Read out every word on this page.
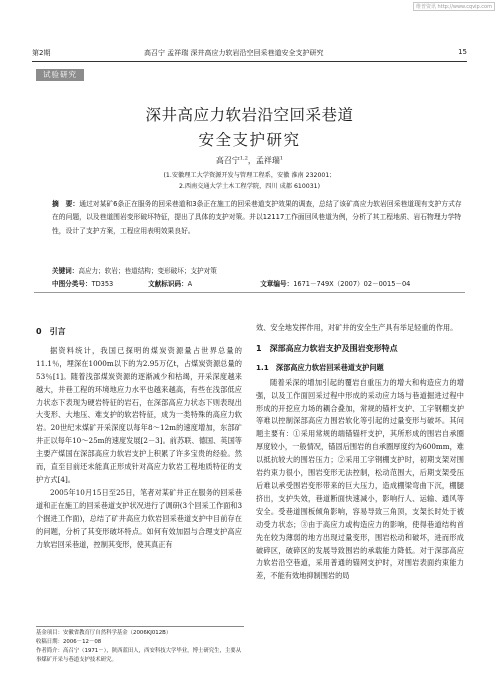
维普资讯 http://www.cqvip.com
第2期	高召宁 孟祥瑞 深井高应力软岩沿空回采巷道安全支护研究	15
试验研究
深井高应力软岩沿空回采巷道
安全支护研究
高召宁$^{1,2}$，孟祥瑞$^1$
(1.安徽理工大学资源开发与管理工程系，安徽 淮南 232001；
2.西南交通大学土木工程学院，四川 成都 610031)
摘　要：通过对某矿6条正在服务的回采巷道和3条正在施工的回采巷道支护效果的调查，总结了该矿高应力软岩回采巷道现有支护方式存在的问题，以及巷道围岩变形破坏特征，提出了具体的支护对策。并以12117工作面回风巷道为例，分析了其工程地质、岩石物理力学特性，设计了支护方案，工程应用表明效果良好。
关键词：高应力；软岩；巷道结构；变形破坏；支护对策
中图分类号：TD353	文献标识码：A	文章编号：1671－749X（2007）02－0015－04
0　引言

据资料统计，我国已探明的煤炭资源量占世界总量的11.1％，埋深在1000m以下的为2.95万亿t，占煤炭资源总量的53％[1]。随着浅部煤炭资源的逐渐减少和枯竭，开采深度越来越大，井巷工程的环境地应力水平也越来越高，有些在浅部低应力状态下表现为硬岩特征的岩石，在深部高应力状态下则表现出大变形、大地压、难支护的软岩特征，成为一类特殊的高应力软岩。20世纪末煤矿开采深度以每年8～12m的速度增加，东部矿井正以每年10～25m的速度发展[2－3]。前苏联、德国、英国等主要产煤国在深部高应力软岩支护上积累了许多宝贵的经验。然而，直至目前还未能真正形成针对高应力软岩工程地质特征的支护方式[4]。

2005年10月15日至25日，笔者对某矿井正在服务的回采巷道和正在施工的回采巷道支护状况进行了调研(3个回采工作面和3个掘进工作面)，总结了矿井高应力软岩回采巷道支护中目前存在的问题，分析了其变形破坏特点。如何有效加固与合理支护高应力软岩回采巷道，控制其变形，使其真正有

效、安全地发挥作用，对矿井的安全生产具有举足轻重的作用。

1　深部高应力软岩支护及围岩变形特点
1.1　深部高应力软岩回采巷道支护问题

随着采深的增加引起的覆岩自重压力的增大和构造应力的增强，以及工作面回采过程中形成的采动应力场与巷道掘进过程中形成的开挖应力场的耦合叠加，常规的锚杆支护、工字钢棚支护等难以控制深部高应力围岩软化等引起的过量变形与破坏。其问题主要有：①采用常规的端锚锚杆支护，其所形成的围岩自承圈厚度较小，一般情况，锚固后围岩的自承圈厚度约为600mm，难以抵抗较大的围岩压力；②采用工字钢棚支护时，初期支架对围岩约束力很小，围岩变形无法控制，松动范围大，后期支架受压后难以承受围岩变形带来的巨大压力，造成棚梁弯曲下沉，棚腿挤出，支护失效，巷道断面快速减小，影响行人、运输、通风等安全。受巷道围板倾角影响，容易导致三角顶，支架长时处于被动受力状态；③由于高应力或构造应力的影响，使得巷道结构首先在较为薄弱的地方出现过量变形，围岩松动和破坏，进而形成破碎区，破碎区的发展导致围岩的承载能力降低。对于深部高应力软岩沿空巷道，采用普通的锚网支护时，对围岩表面约束能力差，不能有效地抑制围岩的局

基金项目：安徽省教育厅自然科学基金（2006KJ012B）
收稿日期：2006－12－08
作者简介：高召宁（1971－），陕西蓝田人，西安科技大学毕业，博士研究生，主要从事煤矿开采与巷道支护技术研究。
